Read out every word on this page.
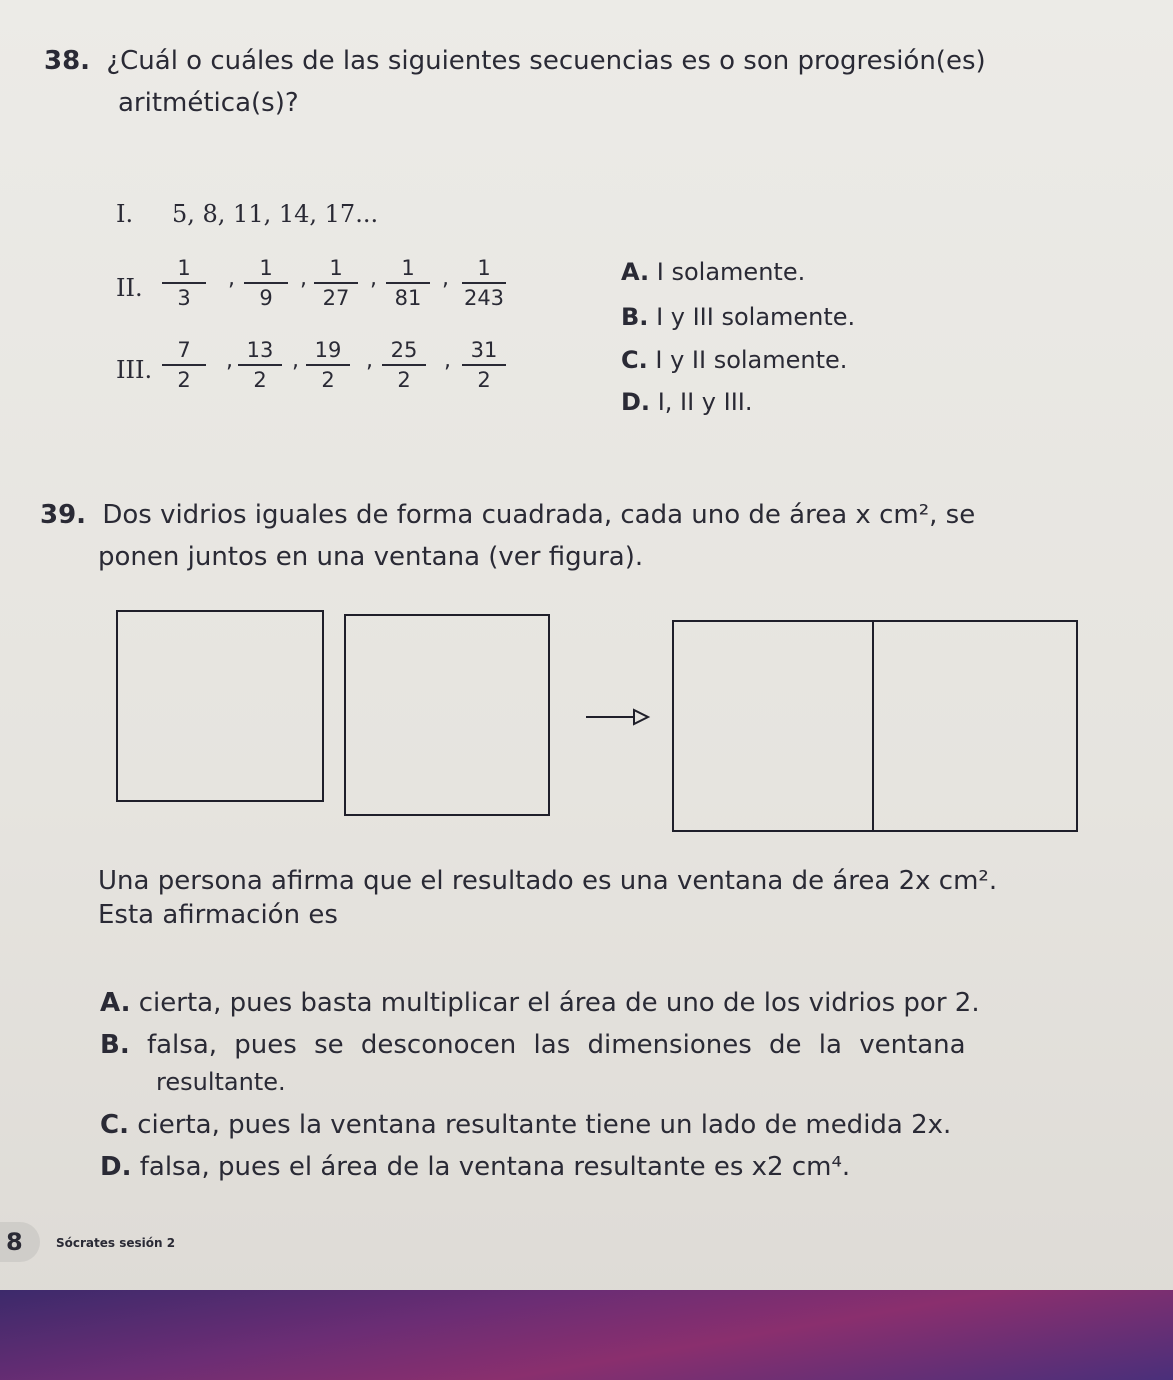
38. ¿Cuál o cuáles de las siguientes secuencias es o son progresión(es)
aritmética(s)?
I. 5, 8, 11, 14, 17...
II.
1
3
1
9
1
27
1
81
1
243
,	,	,	,
III.
7
2
13
2
19
2
25
2
31
2
,	,	,	,
A. I solamente.
B. I y III solamente.
C. I y II solamente.
D. I, II y III.
39. Dos vidrios iguales de forma cuadrada, cada uno de área x cm², se
ponen juntos en una ventana (ver figura).
Una persona afirma que el resultado es una ventana de área 2x cm².
Esta afirmación es
A. cierta, pues basta multiplicar el área de uno de los vidrios por 2.
B. falsa, pues se desconocen las dimensiones de la ventana
resultante.
C. cierta, pues la ventana resultante tiene un lado de medida 2x.
D. falsa, pues el área de la ventana resultante es x2 cm⁴.
8	Sócrates sesión 2
